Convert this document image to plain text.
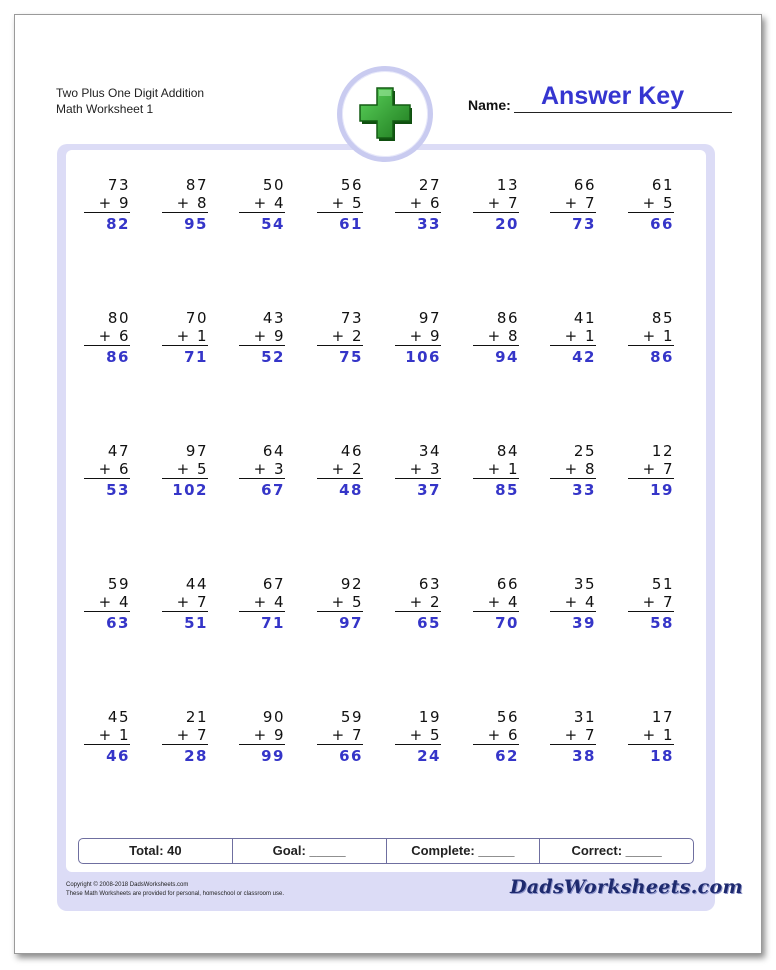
Two Plus One Digit Addition
Math Worksheet 1	Name: Answer Key
73
+ 9
82
87
+ 8
95
50
+ 4
54
56
+ 5
61
27
+ 6
33
13
+ 7
20
66
+ 7
73
61
+ 5
66
80
+ 6
86
70
+ 1
71
43
+ 9
52
73
+ 2
75
97
+ 9
106
86
+ 8
94
41
+ 1
42
85
+ 1
86
47
+ 6
53
97
+ 5
102
64
+ 3
67
46
+ 2
48
34
+ 3
37
84
+ 1
85
25
+ 8
33
12
+ 7
19
59
+ 4
63
44
+ 7
51
67
+ 4
71
92
+ 5
97
63
+ 2
65
66
+ 4
70
35
+ 4
39
51
+ 7
58
45
+ 1
46
21
+ 7
28
90
+ 9
99
59
+ 7
66
19
+ 5
24
56
+ 6
62
31
+ 7
38
17
+ 1
18
Total: 40	Goal: _____	Complete: _____	Correct: _____
Copyright © 2008-2018 DadsWorksheets.com
These Math Worksheets are provided for personal, homeschool or classroom use.	DadsWorksheets.com
